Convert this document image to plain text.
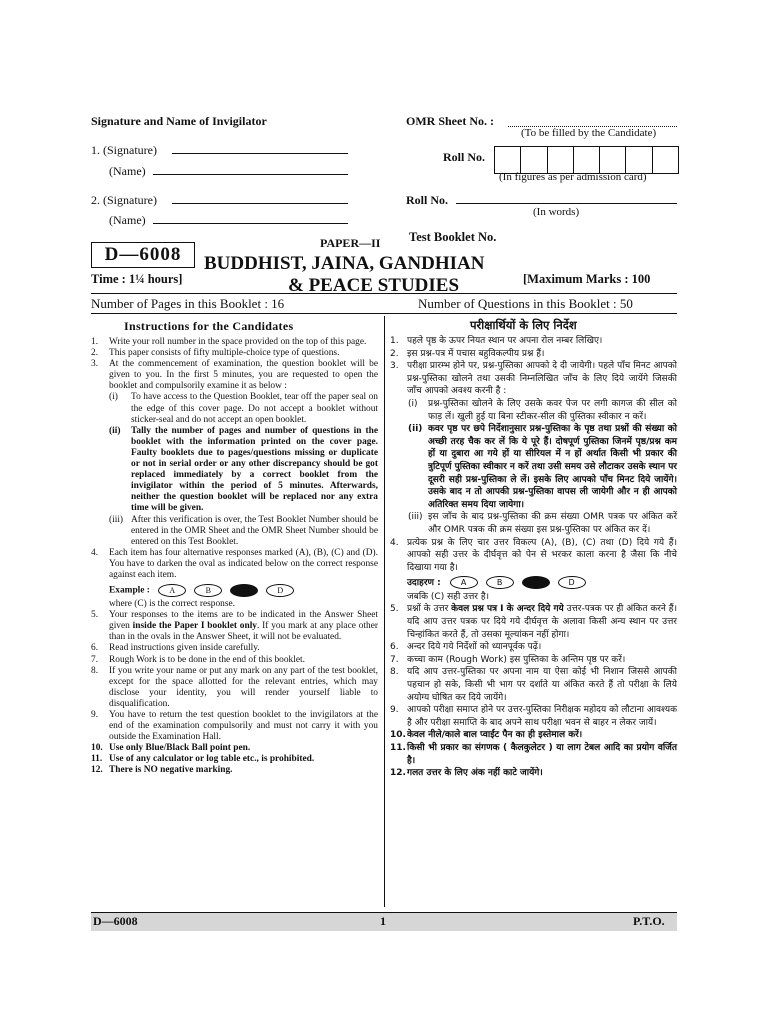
Signature and Name of Invigilator
1. (Signature)
(Name)
2. (Signature)
(Name)
OMR Sheet No. :
(To be filled by the Candidate)
Roll No.
(In figures as per admission card)
Roll No.
(In words)
D—6008
PAPER—II Test Booklet No.
BUDDHIST, JAINA, GANDHIAN
& PEACE STUDIES
Time : 1¼ hours]	[Maximum Marks : 100
Number of Pages in this Booklet : 16	Number of Questions in this Booklet : 50
Instructions for the Candidates
1.	Write your roll number in the space provided on the top of this page.
2.	This paper consists of fifty multiple-choice type of questions.
3.	At the commencement of examination, the question booklet will be given to you. In the first 5 minutes, you are requested to open the booklet and compulsorily examine it as below :
(i)	To have access to the Question Booklet, tear off the paper seal on the edge of this cover page. Do not accept a booklet without sticker-seal and do not accept an open booklet.
(ii)	Tally the number of pages and number of questions in the booklet with the information printed on the cover page. Faulty booklets due to pages/questions missing or duplicate or not in serial order or any other discrepancy should be got replaced immediately by a correct booklet from the invigilator within the period of 5 minutes. Afterwards, neither the question booklet will be replaced nor any extra time will be given.
(iii) After this verification is over, the Test Booklet Number should be entered in the OMR Sheet and the OMR Sheet Number should be entered on this Test Booklet.
4.	Each item has four alternative responses marked (A), (B), (C) and (D). You have to darken the oval as indicated below on the correct response against each item.
Example :	A	B	D
where (C) is the correct response.
5.	Your responses to the items are to be indicated in the Answer Sheet given inside the Paper I booklet only. If you mark at any place other than in the ovals in the Answer Sheet, it will not be evaluated.
6.	Read instructions given inside carefully.
7.	Rough Work is to be done in the end of this booklet.
8.	If you write your name or put any mark on any part of the test booklet, except for the space allotted for the relevant entries, which may disclose your identity, you will render yourself liable to disqualification.
9.	You have to return the test question booklet to the invigilators at the end of the examination compulsorily and must not carry it with you outside the Examination Hall.
10. Use only Blue/Black Ball point pen.
11. Use of any calculator or log table etc., is prohibited.
12. There is NO negative marking.
परीक्षार्थियों के लिए निर्देश
1. पहले पृष्ठ के ऊपर नियत स्थान पर अपना रोल नम्बर लिखिए।
2. इस प्रश्न-पत्र में पचास बहुविकल्पीय प्रश्न हैं।
3. परीक्षा प्रारम्भ होने पर, प्रश्न-पुस्तिका आपको दे दी जायेगी। पहले पाँच मिनट आपको प्रश्न-पुस्तिका खोलने तथा उसकी निम्नलिखित जाँच के लिए दिये जायेंगे जिसकी जाँच आपको अवश्य करनी है :
(i)	प्रश्न-पुस्तिका खोलने के लिए उसके कवर पेज पर लगी कागज की सील को फाड़ लें। खुली हुई या बिना स्टीकर-सील की पुस्तिका स्वीकार न करें।
(ii) कवर पृष्ठ पर छपे निर्देशानुसार प्रश्न-पुस्तिका के पृष्ठ तथा प्रश्नों की संख्या को अच्छी तरह चैक कर लें कि ये पूरे हैं। दोषपूर्ण पुस्तिका जिनमें पृष्ठ/प्रश्न कम हों या दुबारा आ गये हों या सीरियल में न हों अर्थात किसी भी प्रकार की त्रुटिपूर्ण पुस्तिका स्वीकार न करें तथा उसी समय उसे लौटाकर उसके स्थान पर दूसरी सही प्रश्न-पुस्तिका ले लें। इसके लिए आपको पाँच मिनट दिये जायेंगे। उसके बाद न तो आपकी प्रश्न-पुस्तिका वापस ली जायेगी और न ही आपको अतिरिक्त समय दिया जायेगा।
(iii) इस जाँच के बाद प्रश्न-पुस्तिका की क्रम संख्या OMR पत्रक पर अंकित करें और OMR पत्रक की क्रम संख्या इस प्रश्न-पुस्तिका पर अंकित कर दें।
4. प्रत्येक प्रश्न के लिए चार उत्तर विकल्प (A), (B), (C) तथा (D) दिये गये हैं। आपको सही उत्तर के दीर्घवृत्त को पेन से भरकर काला करना है जैसा कि नीचे दिखाया गया है।
उदाहरण :	A	B	D
जबकि (C) सही उत्तर है।
5. प्रश्नों के उत्तर केवल प्रश्न पत्र I के अन्दर दिये गये उत्तर-पत्रक पर ही अंकित करने हैं। यदि आप उत्तर पत्रक पर दिये गये दीर्घवृत्त के अलावा किसी अन्य स्थान पर उत्तर चिन्हांकित करते हैं, तो उसका मूल्यांकन नहीं होगा।
6. अन्दर दिये गये निर्देशों को ध्यानपूर्वक पढ़ें।
7. कच्चा काम (Rough Work) इस पुस्तिका के अन्तिम पृष्ठ पर करें।
8. यदि आप उत्तर-पुस्तिका पर अपना नाम या ऐसा कोई भी निशान जिससे आपकी पहचान हो सके, किसी भी भाग पर दर्शाते या अंकित करते हैं तो परीक्षा के लिये अयोग्य घोषित कर दिये जायेंगे।
9. आपको परीक्षा समाप्त होने पर उत्तर-पुस्तिका निरीक्षक महोदय को लौटाना आवश्यक है और परीक्षा समाप्ति के बाद अपने साथ परीक्षा भवन से बाहर न लेकर जायें।
10. केवल नीले/काले बाल प्वाईंट पैन का ही इस्तेमाल करें।
11. किसी भी प्रकार का संगणक ( कैलकुलेटर ) या लाग टेबल आदि का प्रयोग वर्जित है।
12. गलत उत्तर के लिए अंक नहीं काटे जायेंगे।
D—6008	1	P.T.O.
